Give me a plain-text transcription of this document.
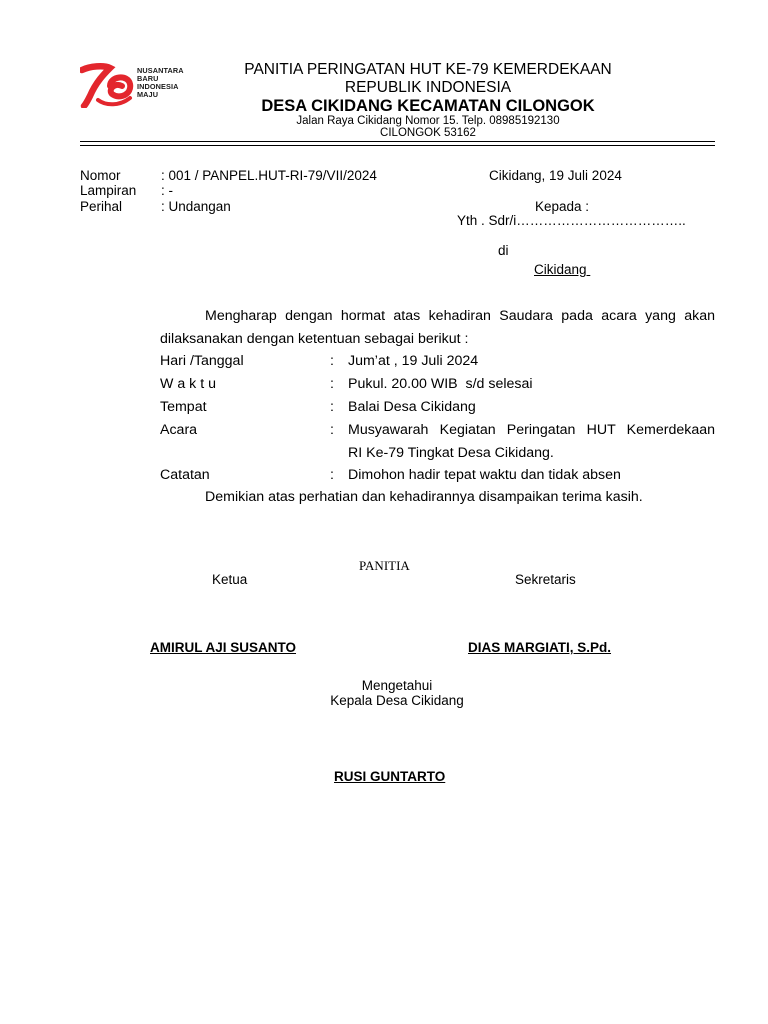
NUSANTARA
BARU
INDONESIA
MAJU
PANITIA PERINGATAN HUT KE-79 KEMERDEKAAN
REPUBLIK INDONESIA
DESA CIKIDANG KECAMATAN CILONGOK
Jalan Raya Cikidang Nomor 15. Telp. 08985192130
CILONGOK 53162
Nomor	: 001 / PANPEL.HUT-RI-79/VII/2024
Lampiran : -
Perihal	: Undangan
Cikidang, 19 Juli 2024
Kepada :
Yth . Sdr/i………………………………..
di
Cikidang
Mengharap dengan hormat atas kehadiran Saudara pada acara yang akan
dilaksanakan dengan ketentuan sebagai berikut :
Hari /Tanggal	: Jum’at , 19 Juli 2024
W a k t u	: Pukul. 20.00 WIB  s/d selesai
Tempat	: Balai Desa Cikidang
Acara	: Musyawarah Kegiatan Peringatan HUT Kemerdekaan
RI Ke-79 Tingkat Desa Cikidang.
Catatan	: Dimohon hadir tepat waktu dan tidak absen
Demikian atas perhatian dan kehadirannya disampaikan terima kasih.
PANITIA
Ketua	Sekretaris
AMIRUL AJI SUSANTO	DIAS MARGIATI, S.Pd.
Mengetahui
Kepala Desa Cikidang
RUSI GUNTARTO
